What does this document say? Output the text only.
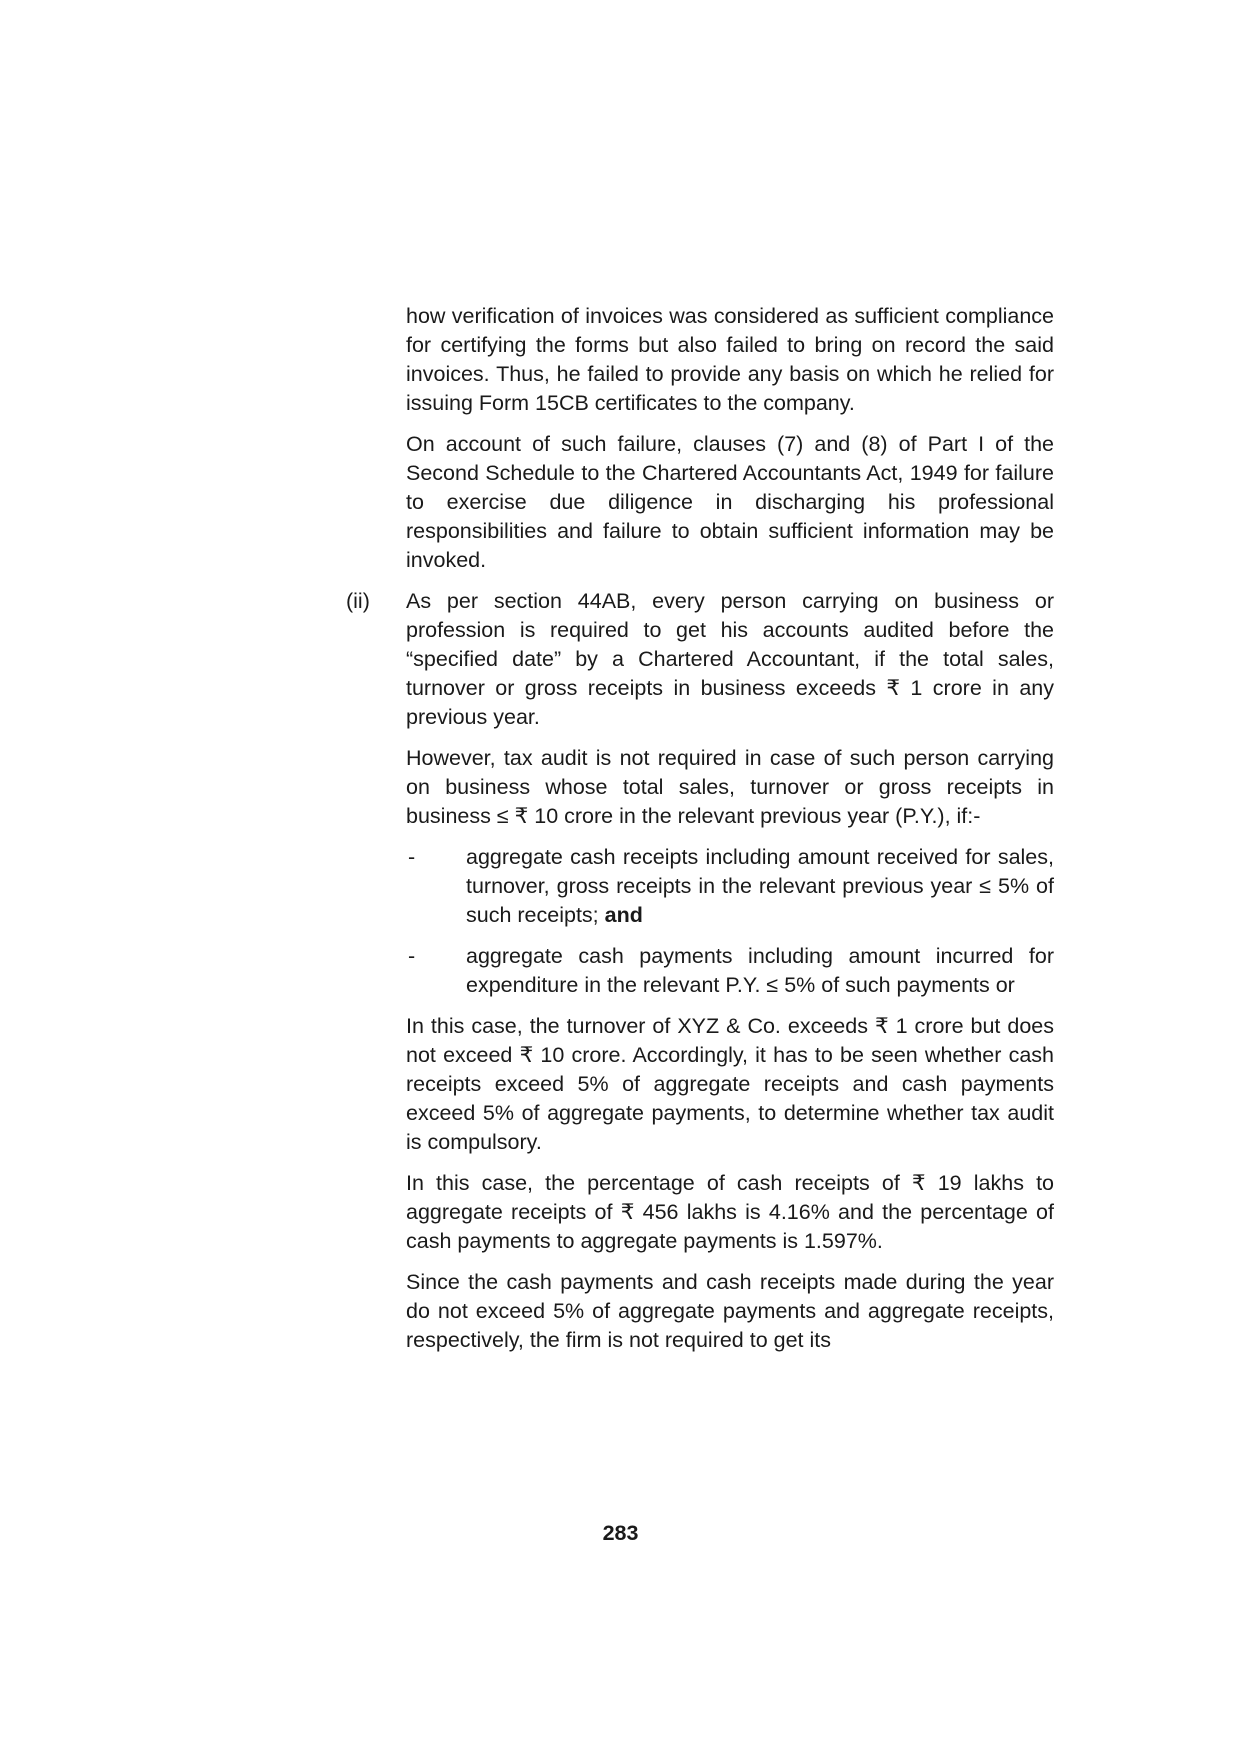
how verification of invoices was considered as sufficient compliance for certifying the forms but also failed to bring on record the said invoices. Thus, he failed to provide any basis on which he relied for issuing Form 15CB certificates to the company.

On account of such failure, clauses (7) and (8) of Part I of the Second Schedule to the Chartered Accountants Act, 1949 for failure to exercise due diligence in discharging his professional responsibilities and failure to obtain sufficient information may be invoked.

(ii) As per section 44AB, every person carrying on business or profession is required to get his accounts audited before the “specified date” by a Chartered Accountant, if the total sales, turnover or gross receipts in business exceeds ₹ 1 crore in any previous year.

However, tax audit is not required in case of such person carrying on business whose total sales, turnover or gross receipts in business ≤ ₹ 10 crore in the relevant previous year (P.Y.), if:-

- aggregate cash receipts including amount received for sales, turnover, gross receipts in the relevant previous year ≤ 5% of such receipts; and
- aggregate cash payments including amount incurred for expenditure in the relevant P.Y. ≤ 5% of such payments or

In this case, the turnover of XYZ & Co. exceeds ₹ 1 crore but does not exceed ₹ 10 crore. Accordingly, it has to be seen whether cash receipts exceed 5% of aggregate receipts and cash payments exceed 5% of aggregate payments, to determine whether tax audit is compulsory.

In this case, the percentage of cash receipts of ₹ 19 lakhs to aggregate receipts of ₹ 456 lakhs is 4.16% and the percentage of cash payments to aggregate payments is 1.597%.

Since the cash payments and cash receipts made during the year do not exceed 5% of aggregate payments and aggregate receipts, respectively, the firm is not required to get its

283
